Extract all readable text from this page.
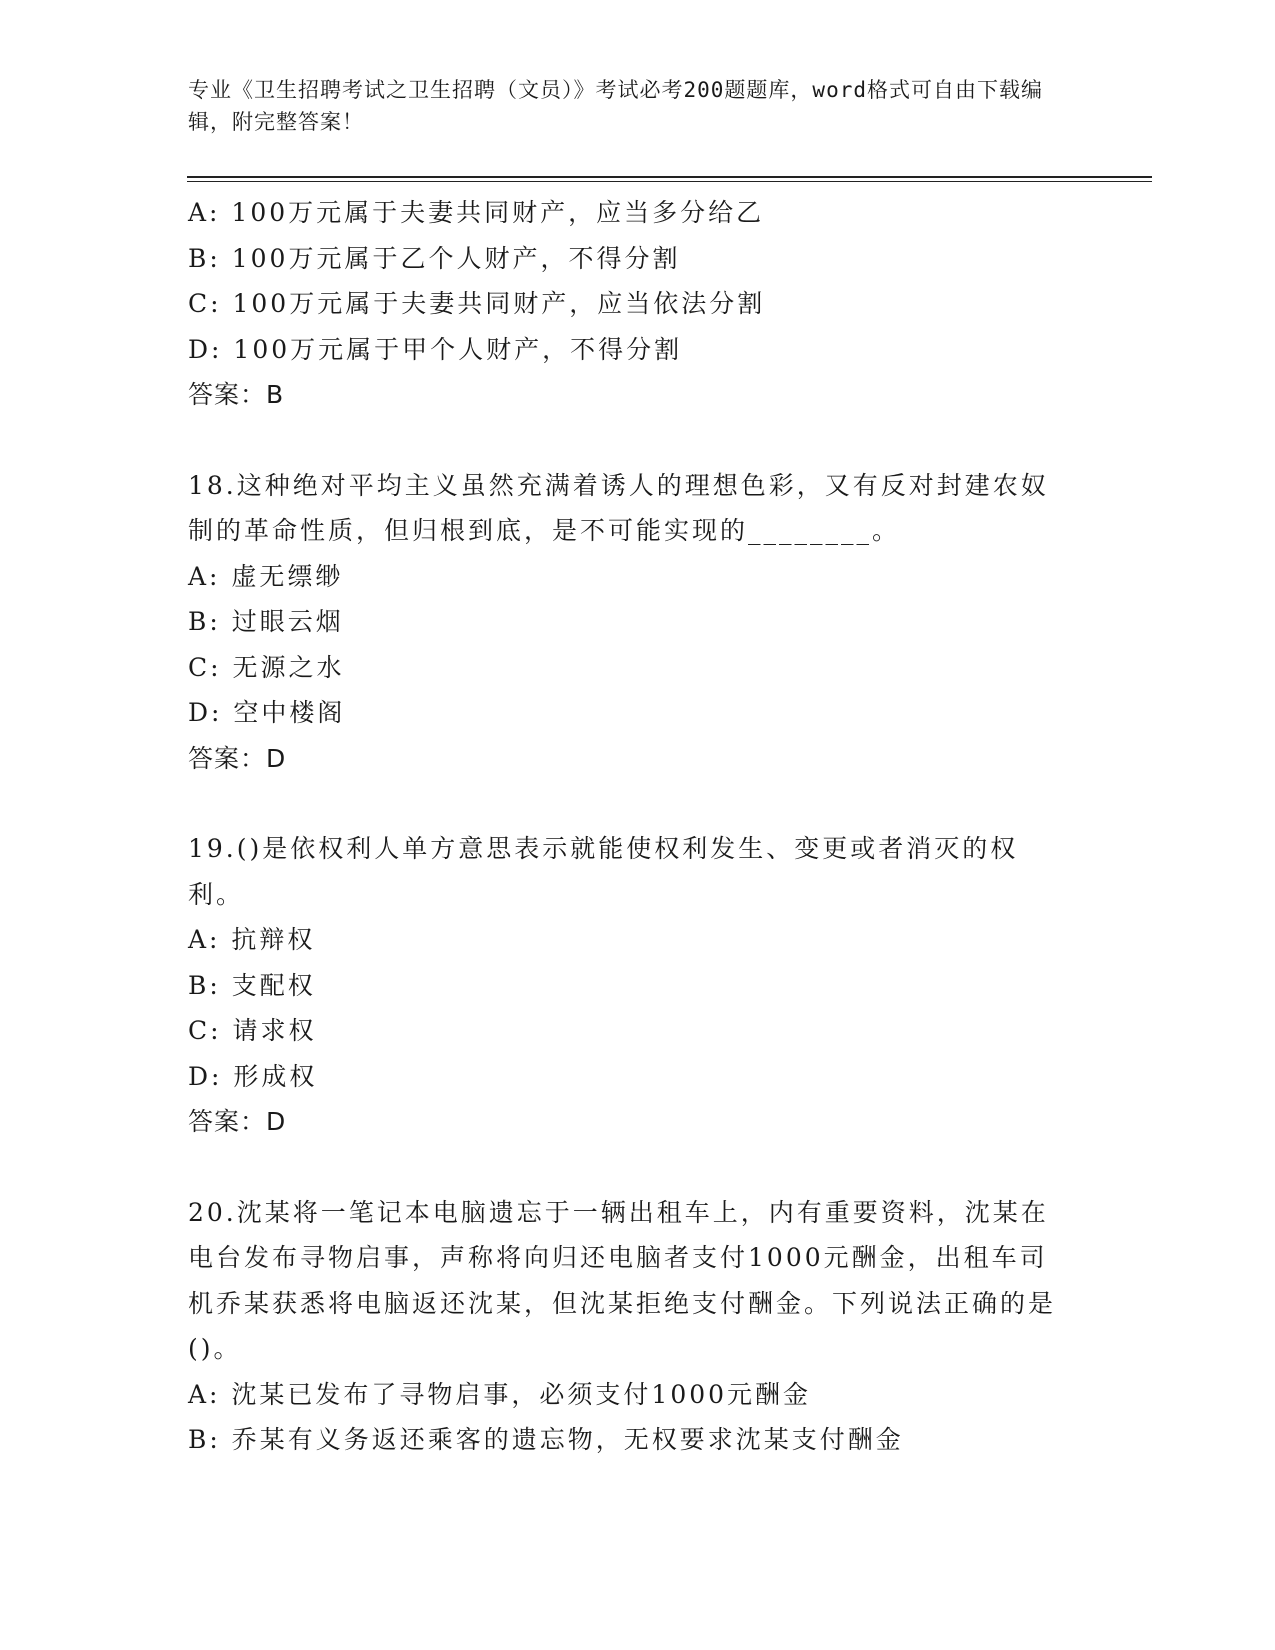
专业《卫生招聘考试之卫生招聘（文员）》考试必考200题题库，word格式可自由下载编辑，附完整答案！
A: 100万元属于夫妻共同财产，应当多分给乙
B: 100万元属于乙个人财产，不得分割
C: 100万元属于夫妻共同财产，应当依法分割
D: 100万元属于甲个人财产，不得分割
答案：B
18.这种绝对平均主义虽然充满着诱人的理想色彩，又有反对封建农奴制的革命性质，但归根到底，是不可能实现的________。
A: 虚无缥缈
B: 过眼云烟
C: 无源之水
D: 空中楼阁
答案：D
19.()是依权利人单方意思表示就能使权利发生、变更或者消灭的权利。
A: 抗辩权
B: 支配权
C: 请求权
D: 形成权
答案：D
20.沈某将一笔记本电脑遗忘于一辆出租车上，内有重要资料，沈某在电台发布寻物启事，声称将向归还电脑者支付1000元酬金，出租车司机乔某获悉将电脑返还沈某，但沈某拒绝支付酬金。下列说法正确的是()。
A: 沈某已发布了寻物启事，必须支付1000元酬金
B: 乔某有义务返还乘客的遗忘物，无权要求沈某支付酬金
